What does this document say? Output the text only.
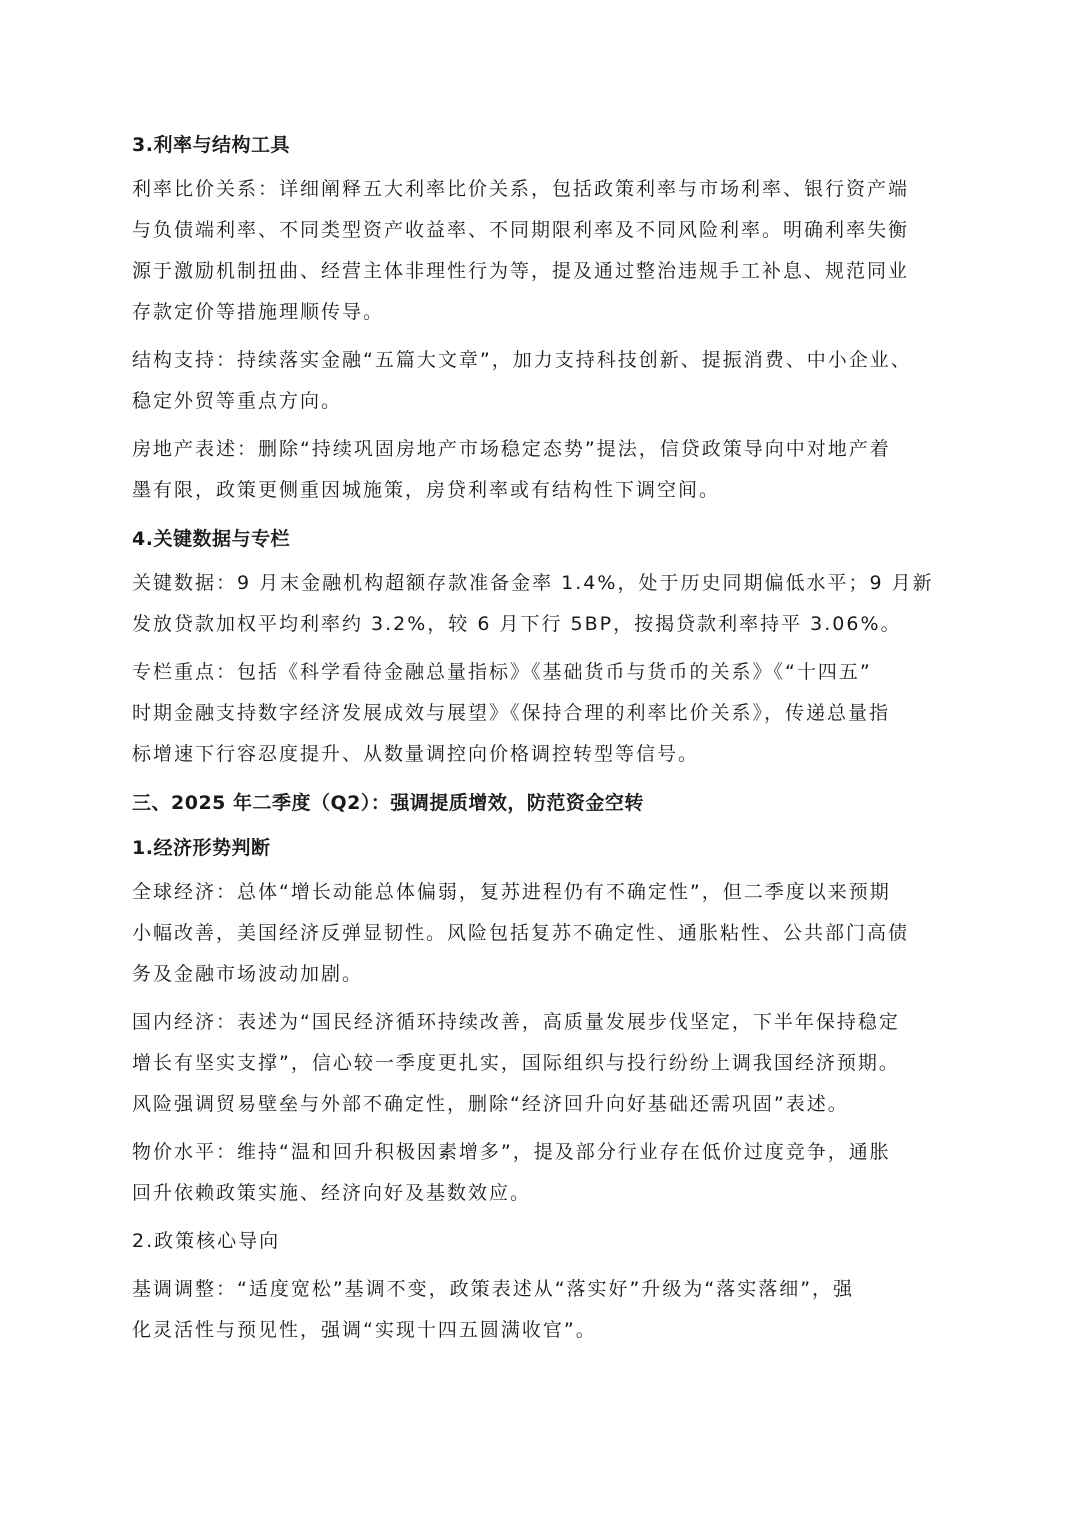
3.利率与结构工具
利率比价关系：详细阐释五大利率比价关系，包括政策利率与市场利率、银行资产端
与负债端利率、不同类型资产收益率、不同期限利率及不同风险利率。明确利率失衡
源于激励机制扭曲、经营主体非理性行为等，提及通过整治违规手工补息、规范同业
存款定价等措施理顺传导。
结构支持：持续落实金融“五篇大文章”，加力支持科技创新、提振消费、中小企业、
稳定外贸等重点方向。
房地产表述：删除“持续巩固房地产市场稳定态势”提法，信贷政策导向中对地产着
墨有限，政策更侧重因城施策，房贷利率或有结构性下调空间。
4.关键数据与专栏
关键数据：9 月末金融机构超额存款准备金率 1.4%，处于历史同期偏低水平；9 月新
发放贷款加权平均利率约 3.2%，较 6 月下行 5BP，按揭贷款利率持平 3.06%。
专栏重点：包括《科学看待金融总量指标》《基础货币与货币的关系》《“十四五”
时期金融支持数字经济发展成效与展望》《保持合理的利率比价关系》，传递总量指
标增速下行容忍度提升、从数量调控向价格调控转型等信号。
三、2025 年二季度（Q2）：强调提质增效，防范资金空转
1.经济形势判断
全球经济：总体“增长动能总体偏弱，复苏进程仍有不确定性”，但二季度以来预期
小幅改善，美国经济反弹显韧性。风险包括复苏不确定性、通胀粘性、公共部门高债
务及金融市场波动加剧。
国内经济：表述为“国民经济循环持续改善，高质量发展步伐坚定，下半年保持稳定
增长有坚实支撑”，信心较一季度更扎实，国际组织与投行纷纷上调我国经济预期。
风险强调贸易壁垒与外部不确定性，删除“经济回升向好基础还需巩固”表述。
物价水平：维持“温和回升积极因素增多”，提及部分行业存在低价过度竞争，通胀
回升依赖政策实施、经济向好及基数效应。
2.政策核心导向
基调调整：“适度宽松”基调不变，政策表述从“落实好”升级为“落实落细”，强
化灵活性与预见性，强调“实现十四五圆满收官”。
